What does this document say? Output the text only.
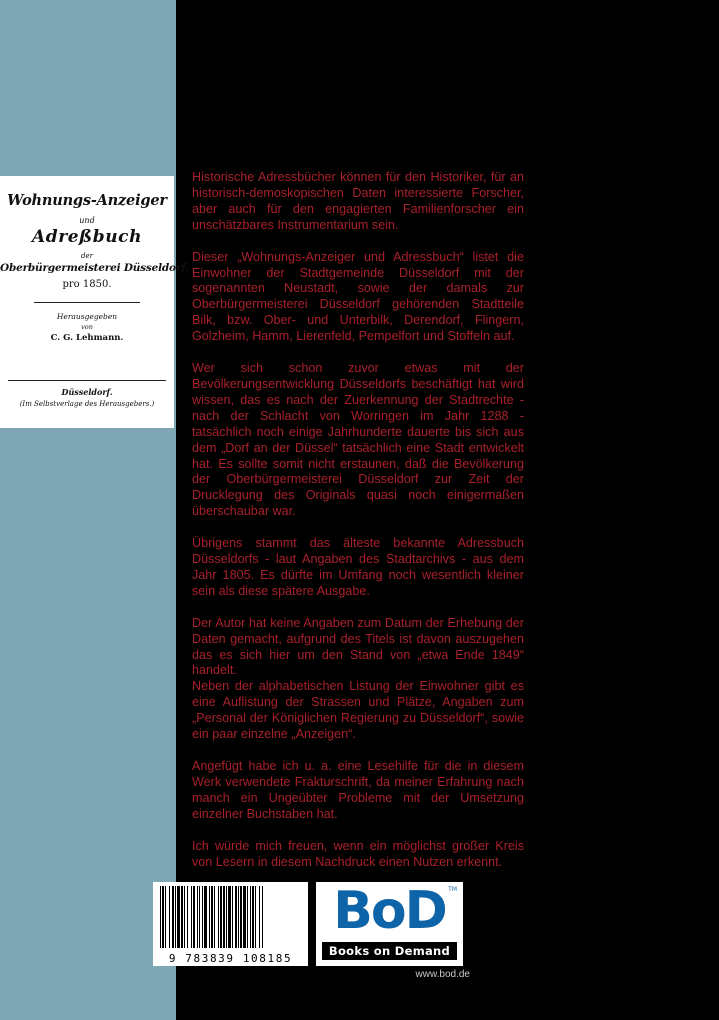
Wohnungs-Anzeiger
und
Adreßbuch
der
Oberbürgermeisterei Düsseldorf.
pro 1850.
Herausgegeben
von
C. G. Lehmann.
Düsseldorf.
(Im Selbstverlage des Herausgebers.)

Historische Adressbücher können für den Historiker, für an historisch-demoskopischen Daten interessierte Forscher, aber auch für den engagierten Familienforscher ein unschätzbares Instrumentarium sein.

Dieser „Wohnungs-Anzeiger und Adressbuch“ listet die Einwohner der Stadtgemeinde Düsseldorf mit der sogenannten Neustadt, sowie der damals zur Oberbürgermeisterei Düsseldorf gehörenden Stadtteile Bilk, bzw. Ober- und Unterbilk, Derendorf, Flingern, Golzheim, Hamm, Lierenfeld, Pempelfort und Stoffeln auf.

Wer sich schon zuvor etwas mit der Bevölkerungsentwicklung Düsseldorfs beschäftigt hat wird wissen, das es nach der Zuerkennung der Stadtrechte - nach der Schlacht von Worringen im Jahr 1288 - tatsächlich noch einige Jahrhunderte dauerte bis sich aus dem „Dorf an der Düssel“ tatsächlich eine Stadt entwickelt hat. Es sollte somit nicht erstaunen, daß die Bevölkerung der Oberbürgermeisterei Düsseldorf zur Zeit der Drucklegung des Originals quasi noch einigermaßen überschaubar war.

Übrigens stammt das älteste bekannte Adressbuch Düsseldorfs - laut Angaben des Stadtarchivs - aus dem Jahr 1805. Es dürfte im Umfang noch wesentlich kleiner sein als diese spätere Ausgabe.

Der Autor hat keine Angaben zum Datum der Erhebung der Daten gemacht, aufgrund des Titels ist davon auszugehen das es sich hier um den Stand von „etwa Ende 1849“ handelt.

Neben der alphabetischen Listung der Einwohner gibt es eine Auflistung der Strassen und Plätze, Angaben zum „Personal der Königlichen Regierung zu Düsseldorf“, sowie ein paar einzelne „Anzeigen“.

Angefügt habe ich u. a. eine Lesehilfe für die in diesem Werk verwendete Frakturschrift, da meiner Erfahrung nach manch ein Ungeübter Probleme mit der Umsetzung einzelner Buchstaben hat.

Ich würde mich freuen, wenn ein möglichst großer Kreis von Lesern in diesem Nachdruck einen Nutzen erkennt.

9 783839 108185
BoD TM
Books on Demand
www.bod.de
